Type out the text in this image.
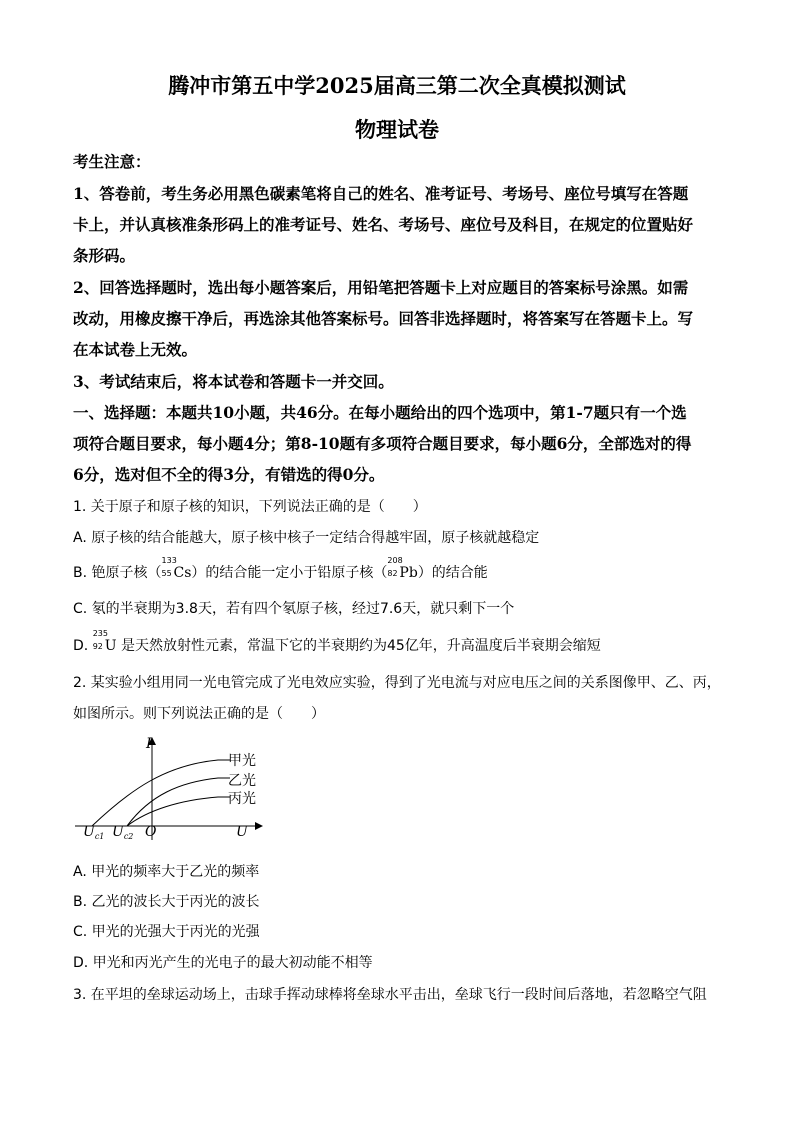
腾冲市第五中学2025届高三第二次全真模拟测试
物理试卷
考生注意：
1、答卷前，考生务必用黑色碳素笔将自己的姓名、准考证号、考场号、座位号填写在答题
卡上，并认真核准条形码上的准考证号、姓名、考场号、座位号及科目，在规定的位置贴好
条形码。
2、回答选择题时，选出每小题答案后，用铅笔把答题卡上对应题目的答案标号涂黑。如需
改动，用橡皮擦干净后，再选涂其他答案标号。回答非选择题时，将答案写在答题卡上。写
在本试卷上无效。
3、考试结束后，将本试卷和答题卡一并交回。
一、选择题：本题共10小题，共46分。在每小题给出的四个选项中，第1-7题只有一个选
项符合题目要求，每小题4分；第8-10题有多项符合题目要求，每小题6分，全部选对的得
6分，选对但不全的得3分，有错选的得0分。
1. 关于原子和原子核的知识，下列说法正确的是（　　）
A. 原子核的结合能越大，原子核中核子一定结合得越牢固，原子核就越稳定
B. 铯原子核（
133
55 Cs）的结合能一定小于铅原子核（
208
82 Pb）的结合能
C. 氡的半衰期为3.8天，若有四个氡原子核，经过7.6天，就只剩下一个
D.
235
92 U 是天然放射性元素，常温下它的半衰期约为45亿年，升高温度后半衰期会缩短
2. 某实验小组用同一光电管完成了光电效应实验，得到了光电流与对应电压之间的关系图像甲、乙、丙，
如图所示。则下列说法正确的是（　　）
I
U
O
$U_{c1}$ $U_{c2}$
甲光
乙光
丙光
A. 甲光的频率大于乙光的频率
B. 乙光的波长大于丙光的波长
C. 甲光的光强大于丙光的光强
D. 甲光和丙光产生的光电子的最大初动能不相等
3. 在平坦的垒球运动场上，击球手挥动球棒将垒球水平击出，垒球飞行一段时间后落地，若忽略空气阻
